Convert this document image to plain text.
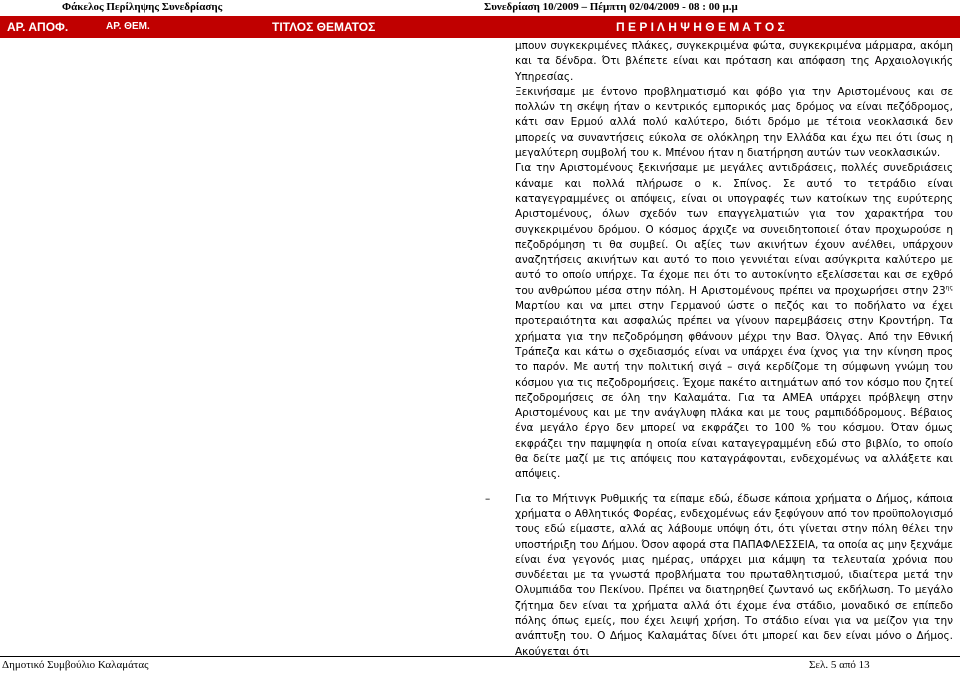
Φάκελος Περίληψης Συνεδρίασης	Συνεδρίαση 10/2009 – Πέμπτη 02/04/2009 - 08 : 00 μ.μ
ΑΡ. ΑΠΟΦ.	ΑΡ. ΘΕΜ.	ΤΙΤΛΟΣ ΘΕΜΑΤΟΣ	Π Ε Ρ Ι Λ Η Ψ Η Θ Ε Μ Α Τ Ο Σ

μπουν συγκεκριμένες πλάκες, συγκεκριμένα φώτα, συγκεκριμένα μάρμαρα, ακόμη και τα δένδρα. Ότι βλέπετε είναι και πρόταση και απόφαση της Αρχαιολογικής Υπηρεσίας.

Ξεκινήσαμε με έντονο προβληματισμό και φόβο για την Αριστομένους και σε πολλών τη σκέψη ήταν ο κεντρικός εμπορικός μας δρόμος να είναι πεζόδρομος, κάτι σαν Ερμού αλλά πολύ καλύτερο, διότι δρόμο με τέτοια νεοκλασικά δεν μπορείς να συναντήσεις εύκολα σε ολόκληρη την Ελλάδα και έχω πει ότι ίσως η μεγαλύτερη συμβολή του κ. Μπένου ήταν η διατήρηση αυτών των νεοκλασικών.

Για την Αριστομένους ξεκινήσαμε με μεγάλες αντιδράσεις, πολλές συνεδριάσεις κάναμε και πολλά πλήρωσε ο κ. Σπίνος. Σε αυτό το τετράδιο είναι καταγεγραμμένες οι απόψεις, είναι οι υπογραφές των κατοίκων της ευρύτερης Αριστομένους, όλων σχεδόν των επαγγελματιών για τον χαρακτήρα του συγκεκριμένου δρόμου. Ο κόσμος άρχιζε να συνειδητοποιεί όταν προχωρούσε η πεζοδρόμηση τι θα συμβεί. Οι αξίες των ακινήτων έχουν ανέλθει, υπάρχουν αναζητήσεις ακινήτων και αυτό το ποιο γεννιέται είναι ασύγκριτα καλύτερο με αυτό το οποίο υπήρχε. Τα έχομε πει ότι το αυτοκίνητο εξελίσσεται και σε εχθρό του ανθρώπου μέσα στην πόλη. Η Αριστομένους πρέπει να προχωρήσει στην $23^{\eta\varsigma}$ Μαρτίου και να μπει στην Γερμανού ώστε ο πεζός και το ποδήλατο να έχει προτεραιότητα και ασφαλώς πρέπει να γίνουν παρεμβάσεις στην Κροντήρη. Τα χρήματα για την πεζοδρόμηση φθάνουν μέχρι την Βασ. Όλγας. Από την Εθνική Τράπεζα και κάτω ο σχεδιασμός είναι να υπάρχει ένα ίχνος για την κίνηση προς το παρόν. Με αυτή την πολιτική σιγά – σιγά κερδίζομε τη σύμφωνη γνώμη του κόσμου για τις πεζοδρομήσεις. Έχομε πακέτο αιτημάτων από τον κόσμο που ζητεί πεζοδρομήσεις σε όλη την Καλαμάτα. Για τα ΑΜΕΑ υπάρχει πρόβλεψη στην Αριστομένους και με την ανάγλυφη πλάκα και με τους ραμπιδόδρομους. Βέβαιος ένα μεγάλο έργο δεν μπορεί να εκφράζει το 100 % του κόσμου. Όταν όμως εκφράζει την παμψηφία η οποία είναι καταγεγραμμένη εδώ στο βιβλίο, το οποίο θα δείτε μαζί με τις απόψεις που καταγράφονται, ενδεχομένως να αλλάξετε και απόψεις.

– Για το Μήτινγκ Ρυθμικής τα είπαμε εδώ, έδωσε κάποια χρήματα ο Δήμος, κάποια χρήματα ο Αθλητικός Φορέας, ενδεχομένως εάν ξεφύγουν από τον προϋπολογισμό τους εδώ είμαστε, αλλά ας λάβουμε υπόψη ότι, ότι γίνεται στην πόλη θέλει την υποστήριξη του Δήμου. Όσον αφορά στα ΠΑΠΑΦΛΕΣΣΕΙΑ, τα οποία ας μην ξεχνάμε είναι ένα γεγονός μιας ημέρας, υπάρχει μια κάμψη τα τελευταία χρόνια που συνδέεται με τα γνωστά προβλήματα του πρωταθλητισμού, ιδιαίτερα μετά την Ολυμπιάδα του Πεκίνου. Πρέπει να διατηρηθεί ζωντανό ως εκδήλωση. Το μεγάλο ζήτημα δεν είναι τα χρήματα αλλά ότι έχομε ένα στάδιο, μοναδικό σε επίπεδο πόλης όπως εμείς, που έχει λειψή χρήση. Το στάδιο είναι για να μείζον για την ανάπτυξη του. Ο Δήμος Καλαμάτας δίνει ότι μπορεί και δεν είναι μόνο ο Δήμος. Ακούγεται ότι

Δημοτικό Συμβούλιο Καλαμάτας	Σελ. 5 από 13
